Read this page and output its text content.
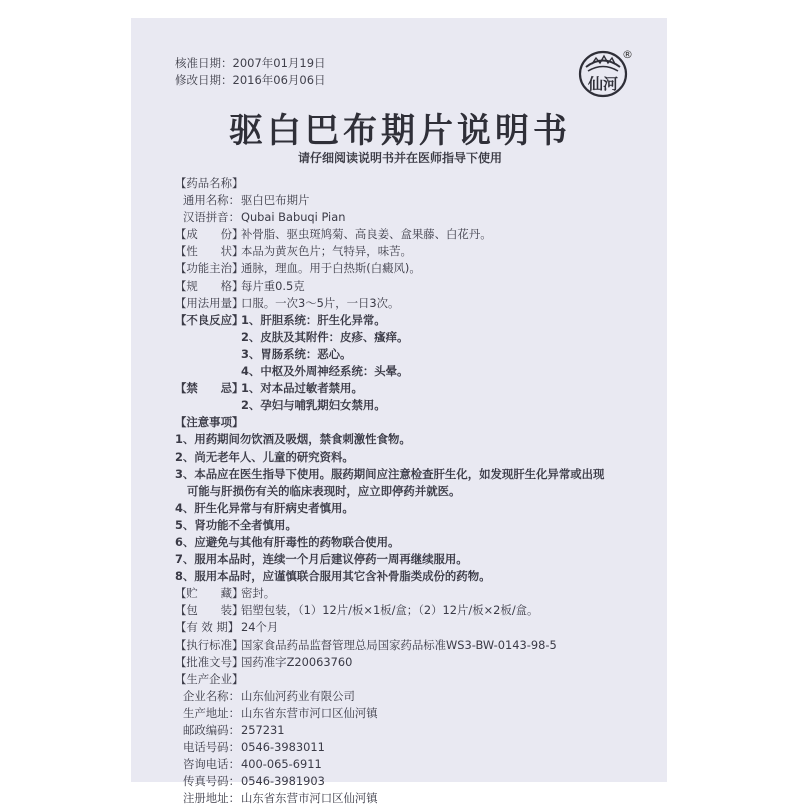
核准日期：2007年01月19日
修改日期：2016年06月06日	仙河
®
驱白巴布期片说明书
请仔细阅读说明书并在医师指导下使用
【药品名称】
通用名称： 驱白巴布期片
汉语拼音： Qubai Babuqi Pian
【成　　份】
补骨脂、驱虫斑鸠菊、高良姜、盒果藤、白花丹。
【性　　状】
本品为黄灰色片；气特异，味苦。
【功能主治】
通脉，理血。用于白热斯(白癜风)。
【规　　格】
每片重0.5克
【用法用量】
口服。一次3～5片，一日3次。
【不良反应】
1、肝胆系统：肝生化异常。
2、皮肤及其附件：皮疹、瘙痒。
3、胃肠系统：恶心。
4、中枢及外周神经系统：头晕。
【禁　　忌】
1、对本品过敏者禁用。
2、孕妇与哺乳期妇女禁用。
【注意事项】
1、用药期间勿饮酒及吸烟，禁食刺激性食物。
2、尚无老年人、儿童的研究资料。
3、本品应在医生指导下使用。服药期间应注意检查肝生化，如发现肝生化异常或出现
可能与肝损伤有关的临床表现时，应立即停药并就医。
4、肝生化异常与有肝病史者慎用。
5、肾功能不全者慎用。
6、应避免与其他有肝毒性的药物联合使用。
7、服用本品时，连续一个月后建议停药一周再继续服用。
8、服用本品时，应谨慎联合服用其它含补骨脂类成份的药物。
【贮　　藏】
密封。
【包　　装】
铝塑包装，（1）12片/板×1板/盒；（2）12片/板×2板/盒。
【有 效 期】 24个月
【执行标准】
国家食品药品监督管理总局国家药品标准WS3-BW-0143-98-5
【批准文号】
国药准字Z20063760
【生产企业】
企业名称： 山东仙河药业有限公司
生产地址： 山东省东营市河口区仙河镇
邮政编码： 257231
电话号码： 0546-3983011
咨询电话： 400-065-6911
传真号码： 0546-3981903
注册地址： 山东省东营市河口区仙河镇
